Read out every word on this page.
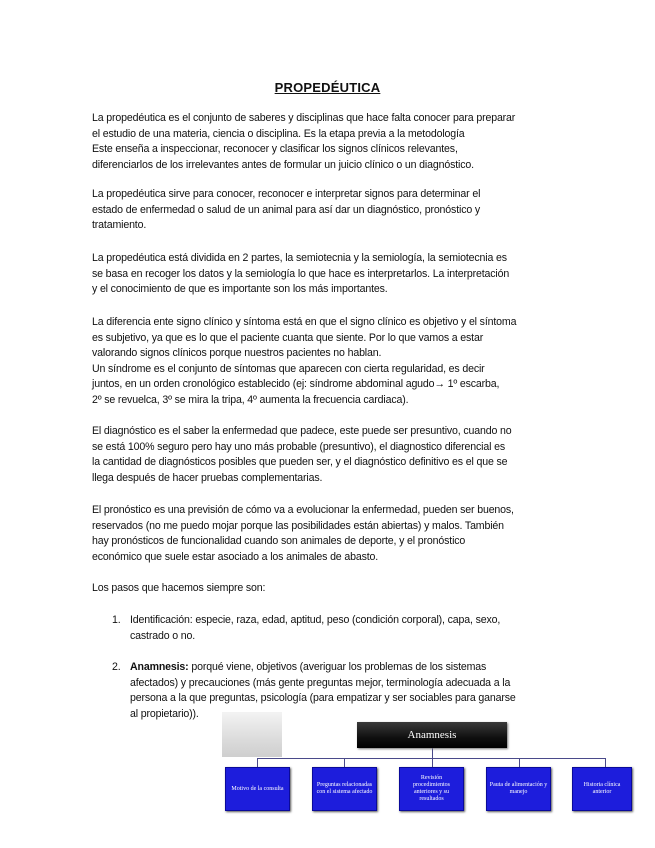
PROPEDÉUTICA

La propedéutica es el conjunto de saberes y disciplinas que hace falta conocer para preparar
el estudio de una materia, ciencia o disciplina. Es la etapa previa a la metodología
Este enseña a inspeccionar, reconocer y clasificar los signos clínicos relevantes,
diferenciarlos de los irrelevantes antes de formular un juicio clínico o un diagnóstico.

La propedéutica sirve para conocer, reconocer e interpretar signos para determinar el
estado de enfermedad o salud de un animal para así dar un diagnóstico, pronóstico y
tratamiento.

La propedéutica está dividida en 2 partes, la semiotecnia y la semiología, la semiotecnia es
se basa en recoger los datos y la semiología lo que hace es interpretarlos. La interpretación
y el conocimiento de que es importante son los más importantes.

La diferencia ente signo clínico y síntoma está en que el signo clínico es objetivo y el síntoma
es subjetivo, ya que es lo que el paciente cuanta que siente. Por lo que vamos a estar
valorando signos clínicos porque nuestros pacientes no hablan.
Un síndrome es el conjunto de síntomas que aparecen con cierta regularidad, es decir
juntos, en un orden cronológico establecido (ej: síndrome abdominal agudo→ 1º escarba,
2º se revuelca, 3º se mira la tripa, 4º aumenta la frecuencia cardiaca).

El diagnóstico es el saber la enfermedad que padece, este puede ser presuntivo, cuando no
se está 100% seguro pero hay uno más probable (presuntivo), el diagnostico diferencial es
la cantidad de diagnósticos posibles que pueden ser, y el diagnóstico definitivo es el que se
llega después de hacer pruebas complementarias.

El pronóstico es una previsión de cómo va a evolucionar la enfermedad, pueden ser buenos,
reservados (no me puedo mojar porque las posibilidades están abiertas) y malos. También
hay pronósticos de funcionalidad cuando son animales de deporte, y el pronóstico
económico que suele estar asociado a los animales de abasto.

Los pasos que hacemos siempre son:

1. Identificación: especie, raza, edad, aptitud, peso (condición corporal), capa, sexo,
castrado o no.
2. Anamnesis: porqué viene, objetivos (averiguar los problemas de los sistemas
afectados) y precauciones (más gente preguntas mejor, terminología adecuada a la
persona a la que preguntas, psicología (para empatizar y ser sociables para ganarse
al propietario)).
Anamnesis
Motivo de la consulta
Preguntas relacionadas con el sistema afectado
Revisión procedimientos anteriores y su resultados
Pauta de alimentación y manejo
Historia clínica anterior
